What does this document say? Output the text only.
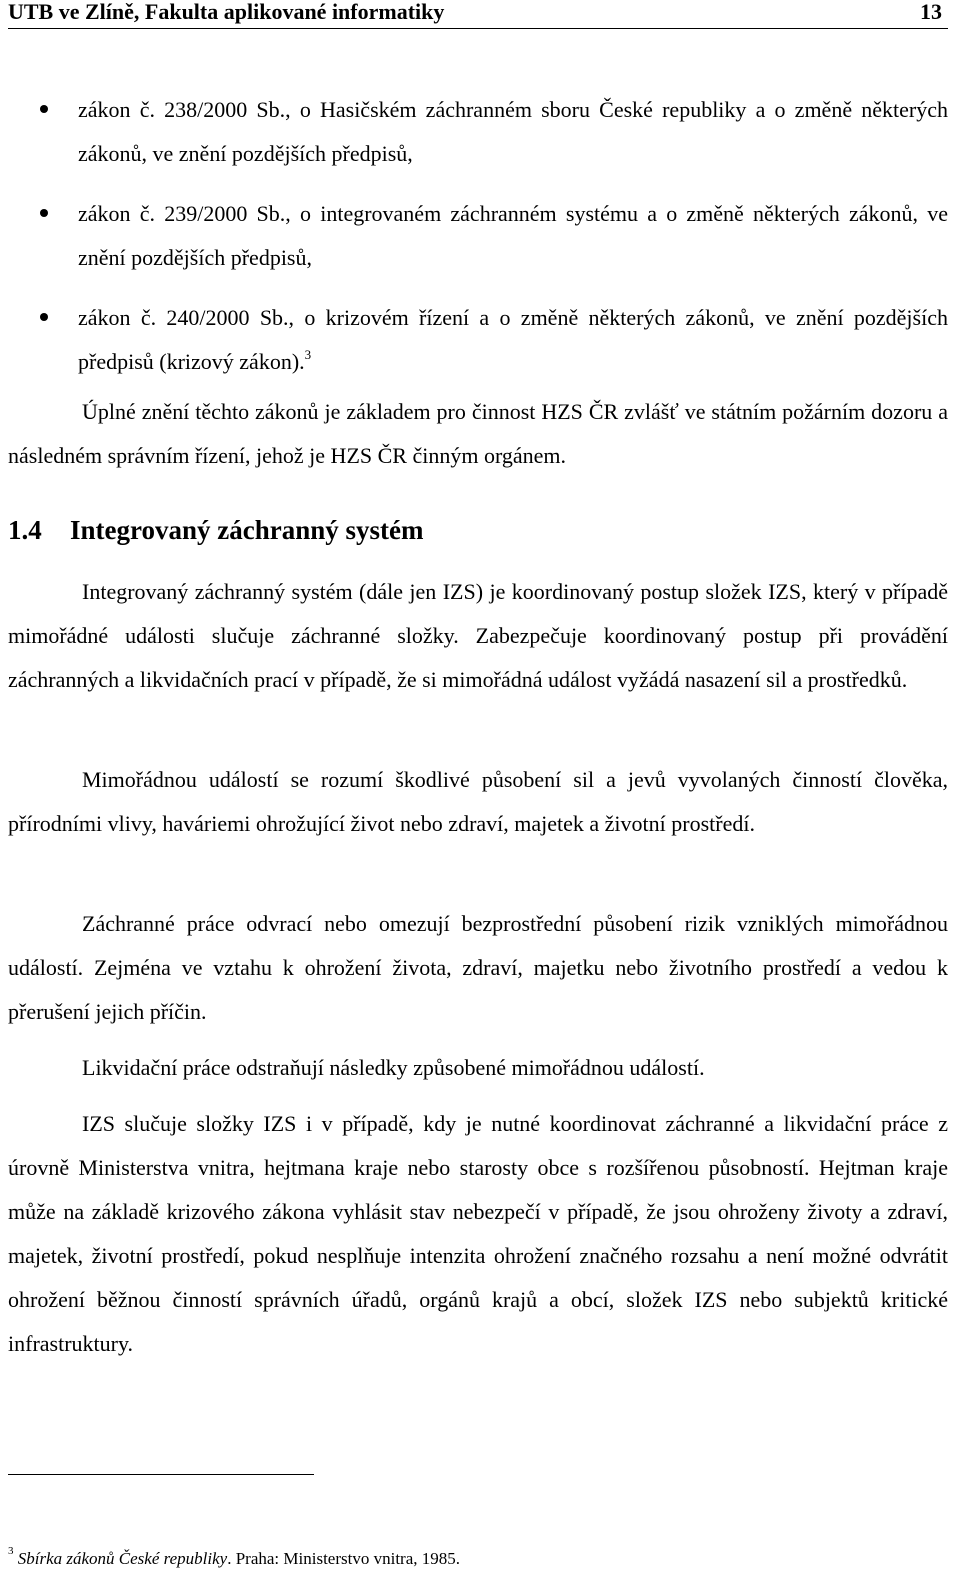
UTB ve Zlíně, Fakulta aplikované informatiky	13
zákon č. 238/2000 Sb., o Hasičském záchranném sboru České republiky a o změně některých zákonů, ve znění pozdějších předpisů,
zákon č. 239/2000 Sb., o integrovaném záchranném systému a o změně některých zákonů, ve znění pozdějších předpisů,
zákon č. 240/2000 Sb., o krizovém řízení a o změně některých zákonů, ve znění pozdějších předpisů (krizový zákon).$^3$
Úplné znění těchto zákonů je základem pro činnost HZS ČR zvlášť ve státním požárním dozoru a následném správním řízení, jehož je HZS ČR činným orgánem.
1.4 Integrovaný záchranný systém
Integrovaný záchranný systém (dále jen IZS) je koordinovaný postup složek IZS, který v případě mimořádné události slučuje záchranné složky. Zabezpečuje koordinovaný postup při provádění záchranných a likvidačních prací v případě, že si mimořádná událost vyžádá nasazení sil a prostředků.
Mimořádnou událostí se rozumí škodlivé působení sil a jevů vyvolaných činností člověka, přírodními vlivy, haváriemi ohrožující život nebo zdraví, majetek a životní prostředí.
Záchranné práce odvrací nebo omezují bezprostřední působení rizik vzniklých mimořádnou událostí. Zejména ve vztahu k ohrožení života, zdraví, majetku nebo životního prostředí a vedou k přerušení jejich příčin.
Likvidační práce odstraňují následky způsobené mimořádnou událostí.
IZS slučuje složky IZS i v případě, kdy je nutné koordinovat záchranné a likvidační práce z úrovně Ministerstva vnitra, hejtmana kraje nebo starosty obce s rozšířenou působností. Hejtman kraje může na základě krizového zákona vyhlásit stav nebezpečí v případě, že jsou ohroženy životy a zdraví, majetek, životní prostředí, pokud nesplňuje intenzita ohrožení značného rozsahu a není možné odvrátit ohrožení běžnou činností správních úřadů, orgánů krajů a obcí, složek IZS nebo subjektů kritické infrastruktury.
$^3$ Sbírka zákonů České republiky. Praha: Ministerstvo vnitra, 1985.
